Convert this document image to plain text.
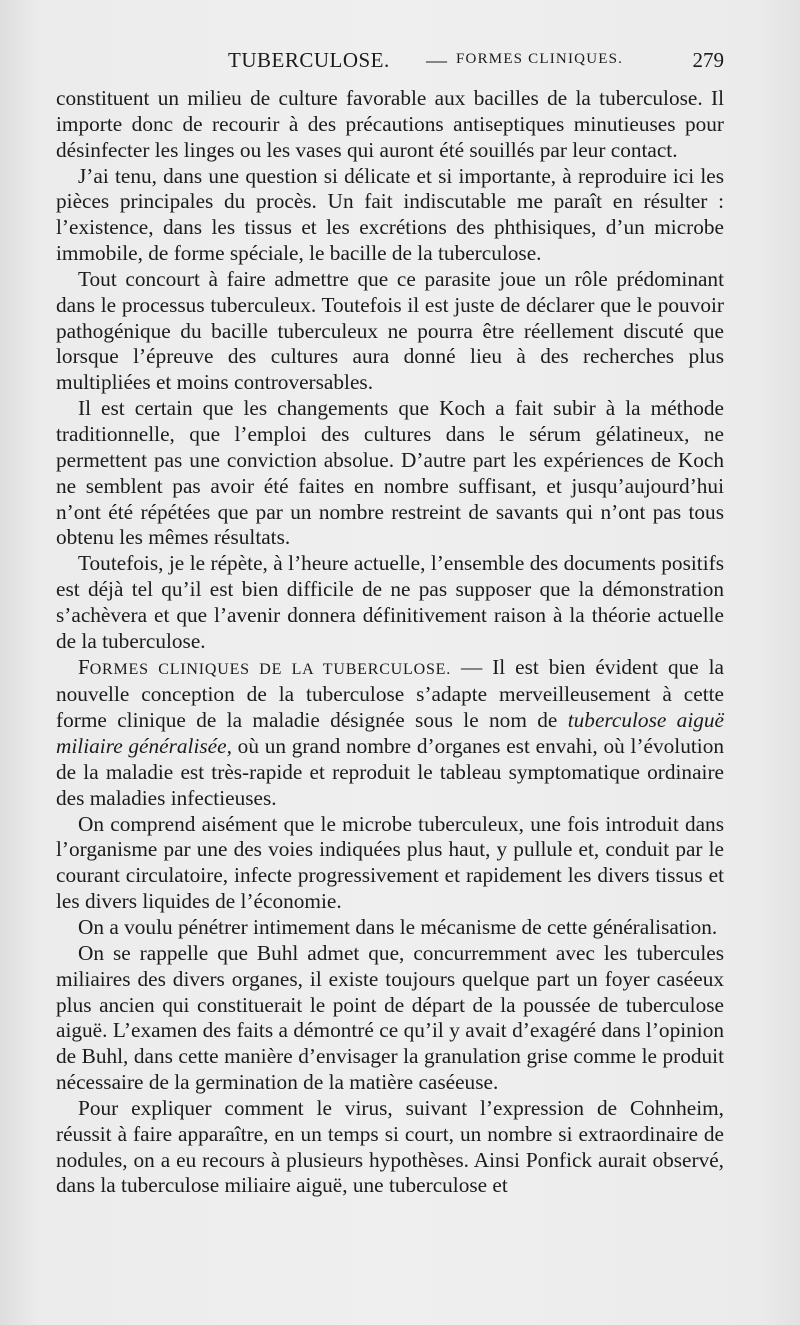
TUBERCULOSE. — FORMES CLINIQUES.	279

constituent un milieu de culture favorable aux bacilles de la tuberculose. Il importe donc de recourir à des précautions antiseptiques minutieuses pour désinfecter les linges ou les vases qui auront été souillés par leur contact.

J’ai tenu, dans une question si délicate et si importante, à reproduire ici les pièces principales du procès. Un fait indiscutable me paraît en résulter : l’existence, dans les tissus et les excrétions des phthisiques, d’un microbe immobile, de forme spéciale, le bacille de la tuberculose.

Tout concourt à faire admettre que ce parasite joue un rôle prédominant dans le processus tuberculeux. Toutefois il est juste de déclarer que le pouvoir pathogénique du bacille tuberculeux ne pourra être réellement discuté que lorsque l’épreuve des cultures aura donné lieu à des recherches plus multipliées et moins controversables.

Il est certain que les changements que Koch a fait subir à la méthode traditionnelle, que l’emploi des cultures dans le sérum gélatineux, ne permettent pas une conviction absolue. D’autre part les expériences de Koch ne semblent pas avoir été faites en nombre suffisant, et jusqu’aujourd’hui n’ont été répétées que par un nombre restreint de savants qui n’ont pas tous obtenu les mêmes résultats.

Toutefois, je le répète, à l’heure actuelle, l’ensemble des documents positifs est déjà tel qu’il est bien difficile de ne pas supposer que la démonstration s’achèvera et que l’avenir donnera définitivement raison à la théorie actuelle de la tuberculose.

FORMES CLINIQUES DE LA TUBERCULOSE. — Il est bien évident que la nouvelle conception de la tuberculose s’adapte merveilleusement à cette forme clinique de la maladie désignée sous le nom de tuberculose aiguë miliaire généralisée, où un grand nombre d’organes est envahi, où l’évolution de la maladie est très-rapide et reproduit le tableau symptomatique ordinaire des maladies infectieuses.

On comprend aisément que le microbe tuberculeux, une fois introduit dans l’organisme par une des voies indiquées plus haut, y pullule et, conduit par le courant circulatoire, infecte progressivement et rapidement les divers tissus et les divers liquides de l’économie.

On a voulu pénétrer intimement dans le mécanisme de cette généralisation.

On se rappelle que Buhl admet que, concurremment avec les tubercules miliaires des divers organes, il existe toujours quelque part un foyer caséeux plus ancien qui constituerait le point de départ de la poussée de tuberculose aiguë. L’examen des faits a démontré ce qu’il y avait d’exagéré dans l’opinion de Buhl, dans cette manière d’envisager la granulation grise comme le produit nécessaire de la germination de la matière caséeuse.

Pour expliquer comment le virus, suivant l’expression de Cohnheim, réussit à faire apparaître, en un temps si court, un nombre si extraordinaire de nodules, on a eu recours à plusieurs hypothèses. Ainsi Ponfick aurait observé, dans la tuberculose miliaire aiguë, une tuberculose et
